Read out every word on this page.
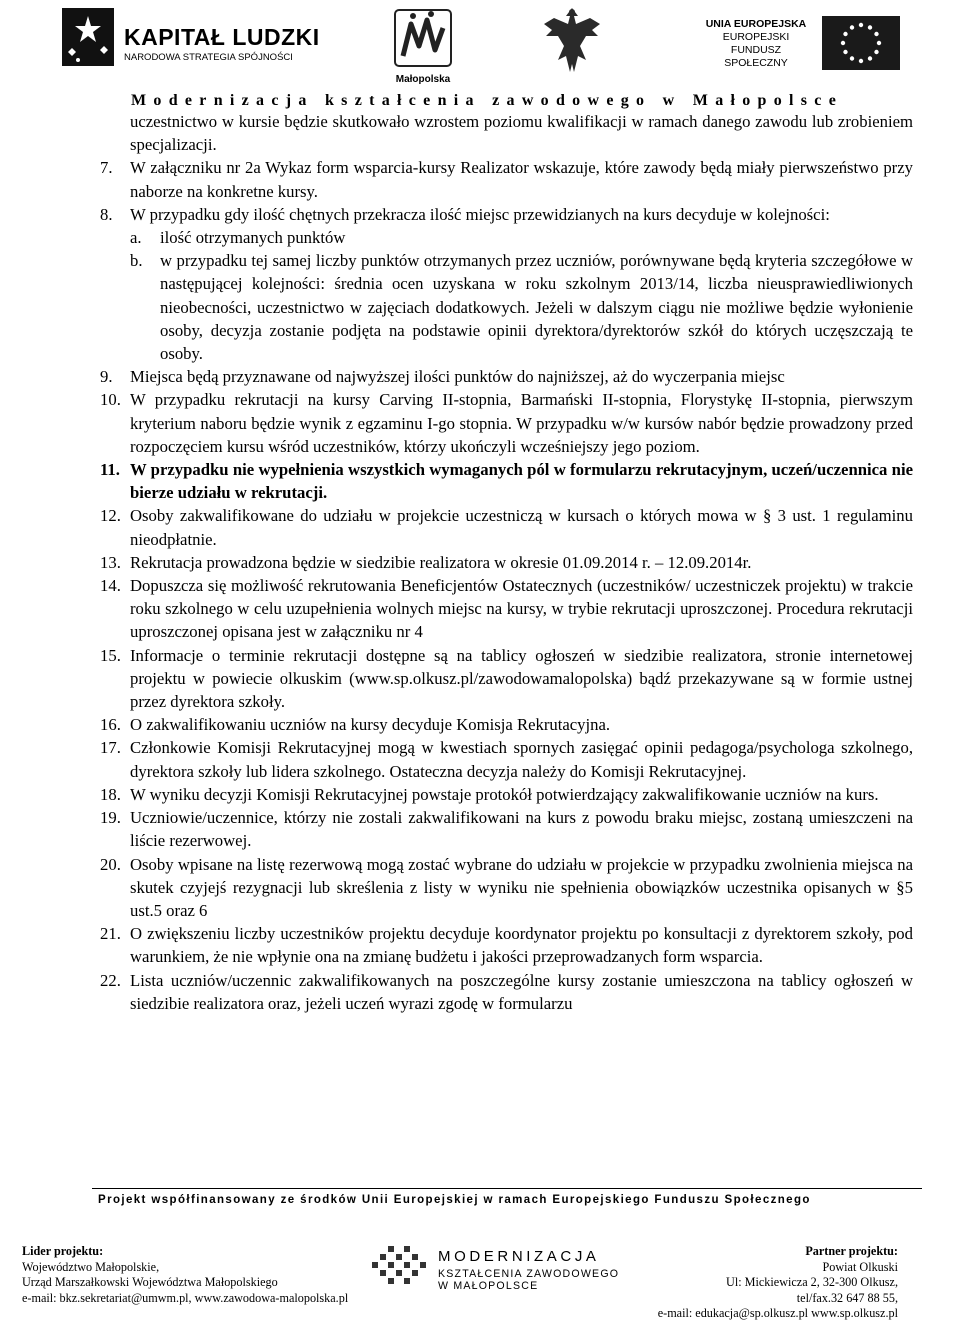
KAPITAŁ LUDZKI
NARODOWA STRATEGIA SPÓJNOŚCI
Małopolska
UNIA EUROPEJSKA
EUROPEJSKI
FUNDUSZ SPOŁECZNY
Modernizacja kształcenia zawodowego w Małopolsce
uczestnictwo w kursie będzie skutkowało wzrostem poziomu kwalifikacji w ramach danego zawodu lub zrobieniem specjalizacji.
7. W załączniku nr 2a Wykaz form wsparcia-kursy Realizator wskazuje, które zawody będą miały pierwszeństwo przy naborze na konkretne kursy.
8. W przypadku gdy ilość chętnych przekracza ilość miejsc przewidzianych na kurs decyduje w kolejności:
a. ilość otrzymanych punktów
b. w przypadku tej samej liczby punktów otrzymanych przez uczniów, porównywane będą kryteria szczegółowe w następującej kolejności: średnia ocen uzyskana w roku szkolnym 2013/14, liczba nieusprawiedliwionych nieobecności, uczestnictwo w zajęciach dodatkowych. Jeżeli w dalszym ciągu nie możliwe będzie wyłonienie osoby, decyzja zostanie podjęta na podstawie opinii dyrektora/dyrektorów szkół do których uczęszczają te osoby.
9. Miejsca będą przyznawane od najwyższej ilości punktów do najniższej, aż do wyczerpania miejsc
10. W przypadku rekrutacji na kursy Carving II-stopnia, Barmański II-stopnia, Florystykę II-stopnia, pierwszym kryterium naboru będzie wynik z egzaminu I-go stopnia. W przypadku w/w kursów nabór będzie prowadzony przed rozpoczęciem kursu wśród uczestników, którzy ukończyli wcześniejszy jego poziom.
11. W przypadku nie wypełnienia wszystkich wymaganych pól w formularzu rekrutacyjnym, uczeń/uczennica nie bierze udziału w rekrutacji.
12. Osoby zakwalifikowane do udziału w projekcie uczestniczą w kursach o których mowa w § 3 ust. 1 regulaminu nieodpłatnie.
13. Rekrutacja prowadzona będzie w siedzibie realizatora w okresie 01.09.2014 r. – 12.09.2014r.
14. Dopuszcza się możliwość rekrutowania Beneficjentów Ostatecznych (uczestników/ uczestniczek projektu) w trakcie roku szkolnego w celu uzupełnienia wolnych miejsc na kursy, w trybie rekrutacji uproszczonej. Procedura rekrutacji uproszczonej opisana jest w załączniku nr 4
15. Informacje o terminie rekrutacji dostępne są na tablicy ogłoszeń w siedzibie realizatora, stronie internetowej projektu w powiecie olkuskim (www.sp.olkusz.pl/zawodowamalopolska) bądź przekazywane są w formie ustnej przez dyrektora szkoły.
16. O zakwalifikowaniu uczniów na kursy decyduje Komisja Rekrutacyjna.
17. Członkowie Komisji Rekrutacyjnej mogą w kwestiach spornych zasięgać opinii pedagoga/psychologa szkolnego, dyrektora szkoły lub lidera szkolnego. Ostateczna decyzja należy do Komisji Rekrutacyjnej.
18. W wyniku decyzji Komisji Rekrutacyjnej powstaje protokół potwierdzający zakwalifikowanie uczniów na kurs.
19. Uczniowie/uczennice, którzy nie zostali zakwalifikowani na kurs z powodu braku miejsc, zostaną umieszczeni na liście rezerwowej.
20. Osoby wpisane na listę rezerwową mogą zostać wybrane do udziału w projekcie w przypadku zwolnienia miejsca na skutek czyjejś rezygnacji lub skreślenia z listy w wyniku nie spełnienia obowiązków uczestnika opisanych w §5 ust.5 oraz 6
21. O zwiększeniu liczby uczestników projektu decyduje koordynator projektu po konsultacji z dyrektorem szkoły, pod warunkiem, że nie wpłynie ona na zmianę budżetu i jakości przeprowadzanych form wsparcia.
22. Lista uczniów/uczennic zakwalifikowanych na poszczególne kursy zostanie umieszczona na tablicy ogłoszeń w siedzibie realizatora oraz, jeżeli uczeń wyrazi zgodę w formularzu
Projekt współfinansowany ze środków Unii Europejskiej w ramach Europejskiego Funduszu Społecznego
Lider projektu:
Województwo Małopolskie,
Urząd Marszałkowski Województwa Małopolskiego
e-mail: bkz.sekretariat@umwm.pl, www.zawodowa-malopolska.pl
MODERNIZACJA
KSZTAŁCENIA ZAWODOWEGO
W MAŁOPOLSCE
Partner projektu:
Powiat Olkuski
Ul: Mickiewicza 2, 32-300 Olkusz,
tel/fax.32 647 88 55,
e-mail: edukacja@sp.olkusz.pl www.sp.olkusz.pl
